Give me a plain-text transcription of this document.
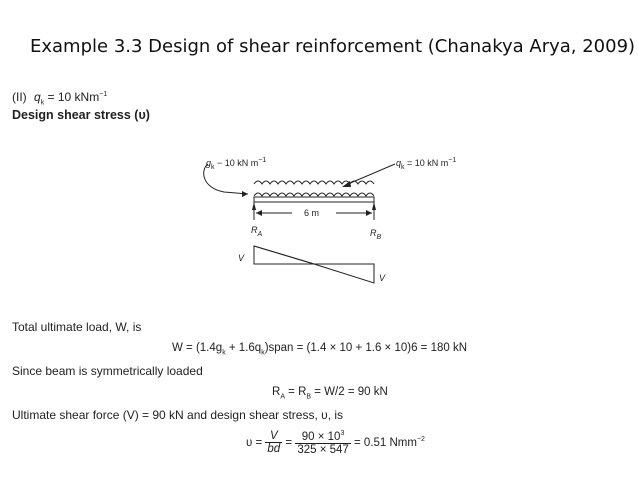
Example 3.3 Design of shear reinforcement (Chanakya Arya, 2009)
(II) $q_k = 10$ kNm$^{-1}$
Design shear stress (υ)
$g_k - 10$ kN $m^{-1}$	$q_k = 10$ kN $m^{-1}$
6 m
$R_A$	$R_B$
V
V
Total ultimate load, W, is
$W = (1.4g_k$ + $1.6q_k)span = (1.4 \times 10 + 1.6 \times 10)6 = 180$ kN
Since beam is symmetrically loaded
$R_A = R_B = W/2 = 90$ kN
Ultimate shear force (V) = 90 kN and design shear stress, υ, is
$\upsilon = \frac{V}{bd} = \frac{90 \times 10^3}{325 \times 547} = 0.51$ Nmm$^{-2}$
